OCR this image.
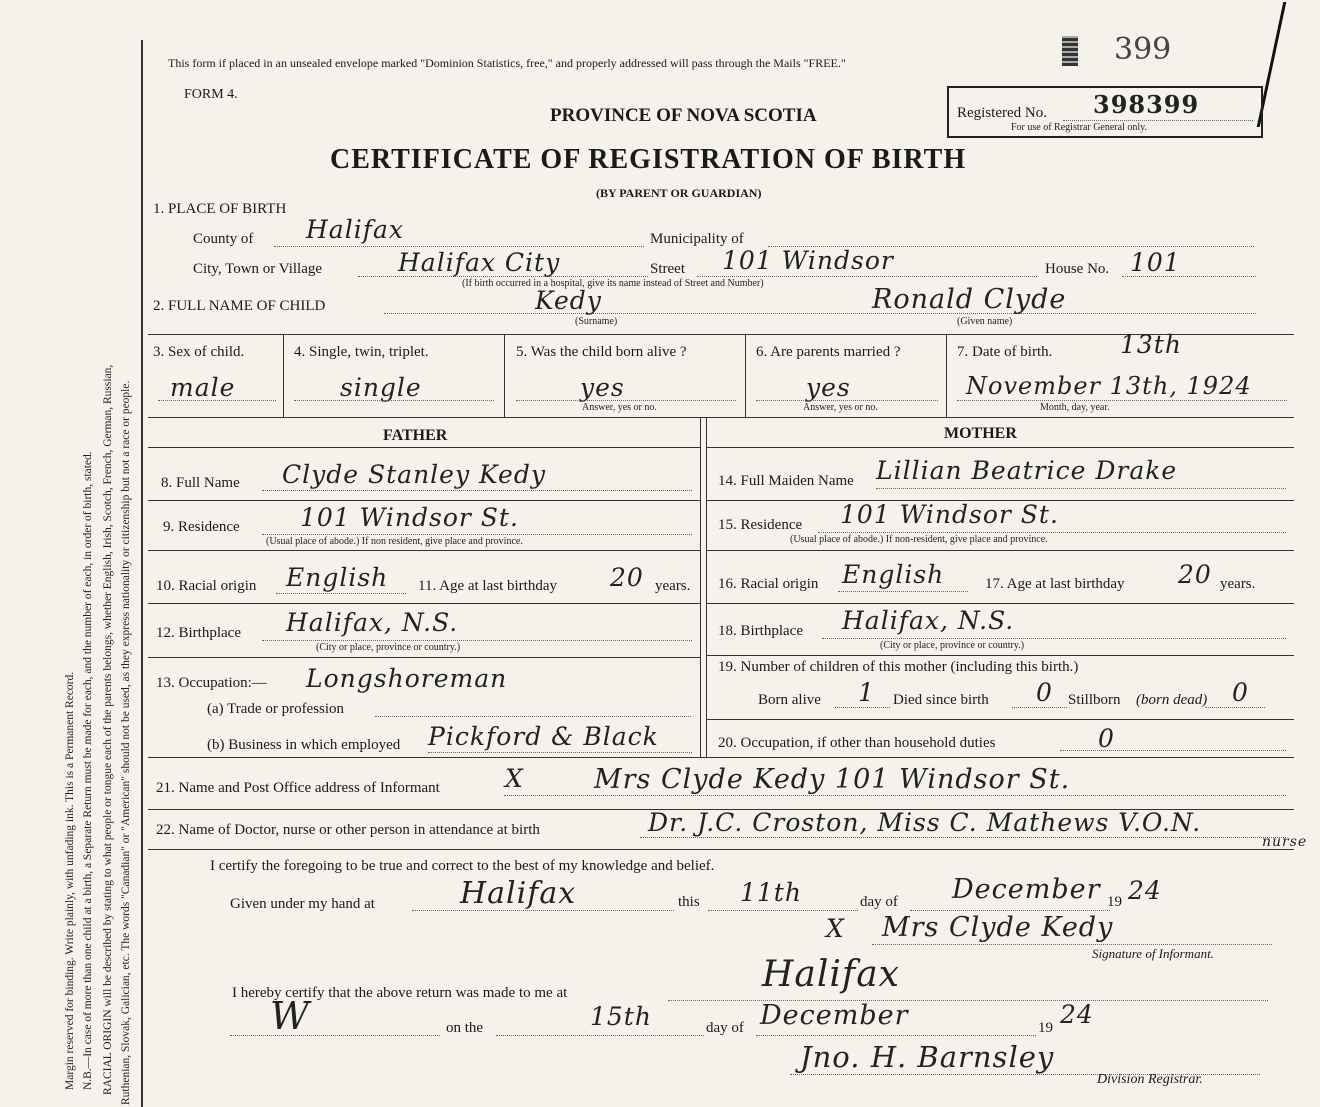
Margin reserved for binding. Write plainly, with unfading ink. This is a Permanent Record. N.B.—In case of more than one child at a birth, a Separate Return must be made for each, and the number of each, in order of birth, stated. RACIAL ORIGIN will be described by stating to what people or tongue each of the parents belongs, whether English, Irish, Scotch, French, German, Russian, Ruthenian, Slovak, Galician, etc. The words "Canadian" or "American" should not be used, as they express nationality or citizenship but not a race or people.
This form if placed in an unsealed envelope marked "Dominion Statistics, free," and properly addressed will pass through the Mails "FREE."	399
FORM 4.
PROVINCE OF NOVA SCOTIA
CERTIFICATE OF REGISTRATION OF BIRTH
(BY PARENT OR GUARDIAN)
Registered No. 398399
For use of Registrar General only.
1. PLACE OF BIRTH
County of Halifax	Municipality of
City, Town or Village	Halifax City	Street 101 Windsor	House No. 101
(If birth occurred in a hospital, give its name instead of Street and Number)
2. FULL NAME OF CHILD	Kedy
(Surname)
Ronald Clyde
(Given name)
3. Sex of child.
male
4. Single, twin, triplet.
single
5. Was the child born alive ?
yes
Answer, yes or no.
6. Are parents married ?
yes
Answer, yes or no.
7. Date of birth.	13th
November 13th, 1924
Month, day, year.
FATHER	MOTHER
8. Full Name Clyde Stanley Kedy
9. Residence 101 Windsor St.
(Usual place of abode.) If non resident, give place and province.
10. Racial origin English 11. Age at last birthday 20 years.
12. Birthplace Halifax, N.S.
(City or place, province or country.)
13. Occupation:— Longshoreman
(a) Trade or profession
(b) Business in which employed Pickford & Black
14. Full Maiden Name Lillian Beatrice Drake
15. Residence 101 Windsor St.
(Usual place of abode.) If non-resident, give place and province.
16. Racial origin English	17. Age at last birthday 20 years.
18. Birthplace Halifax, N.S.
(City or place, province or country.)
19. Number of children of this mother (including this birth.)
Born alive 1 Died since birth 0 Stillborn (born dead) 0
20. Occupation, if other than household duties	0
21. Name and Post Office address of Informant	X	Mrs Clyde Kedy 101 Windsor St.
22. Name of Doctor, nurse or other person in attendance at birth	Dr. J.C. Croston, Miss C. Mathews V.O.N.
nurse
I certify the foregoing to be true and correct to the best of my knowledge and belief.
Given under my hand at	Halifax	this 11th	day of December 19 24
X Mrs Clyde Kedy
Signature of Informant.
I hereby certify that the above return was made to me at	Halifax
W	on the	15th	day of December	19 24
Jno. H. Barnsley
Division Registrar.
